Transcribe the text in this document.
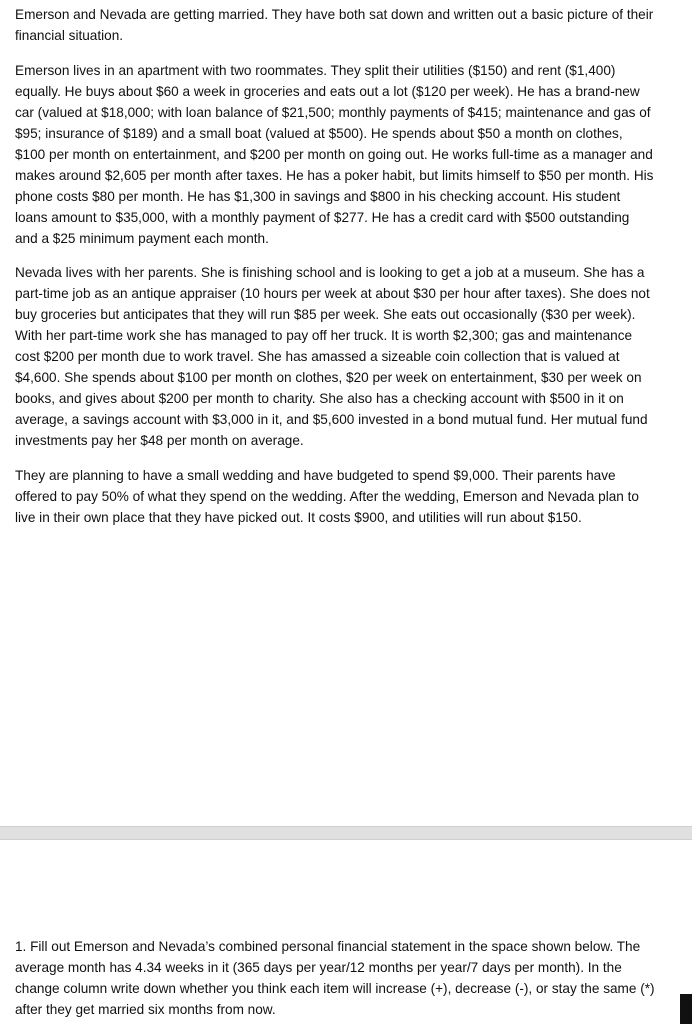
Emerson and Nevada are getting married. They have both sat down and written out a basic picture of their financial situation.

Emerson lives in an apartment with two roommates. They split their utilities ($150) and rent ($1,400) equally. He buys about $60 a week in groceries and eats out a lot ($120 per week). He has a brand-new car (valued at $18,000; with loan balance of $21,500; monthly payments of $415; maintenance and gas of $95; insurance of $189) and a small boat (valued at $500). He spends about $50 a month on clothes, $100 per month on entertainment, and $200 per month on going out. He works full-time as a manager and makes around $2,605 per month after taxes. He has a poker habit, but limits himself to $50 per month. His phone costs $80 per month. He has $1,300 in savings and $800 in his checking account. His student loans amount to $35,000, with a monthly payment of $277. He has a credit card with $500 outstanding and a $25 minimum payment each month.

Nevada lives with her parents. She is finishing school and is looking to get a job at a museum. She has a part-time job as an antique appraiser (10 hours per week at about $30 per hour after taxes). She does not buy groceries but anticipates that they will run $85 per week. She eats out occasionally ($30 per week). With her part-time work she has managed to pay off her truck. It is worth $2,300; gas and maintenance cost $200 per month due to work travel. She has amassed a sizeable coin collection that is valued at $4,600. She spends about $100 per month on clothes, $20 per week on entertainment, $30 per week on books, and gives about $200 per month to charity. She also has a checking account with $500 in it on average, a savings account with $3,000 in it, and $5,600 invested in a bond mutual fund. Her mutual fund investments pay her $48 per month on average.

They are planning to have a small wedding and have budgeted to spend $9,000. Their parents have offered to pay 50% of what they spend on the wedding. After the wedding, Emerson and Nevada plan to live in their own place that they have picked out. It costs $900, and utilities will run about $150.

1. Fill out Emerson and Nevada’s combined personal financial statement in the space shown below. The average month has 4.34 weeks in it (365 days per year/12 months per year/7 days per month). In the change column write down whether you think each item will increase (+), decrease (-), or stay the same (*) after they get married six months from now.
